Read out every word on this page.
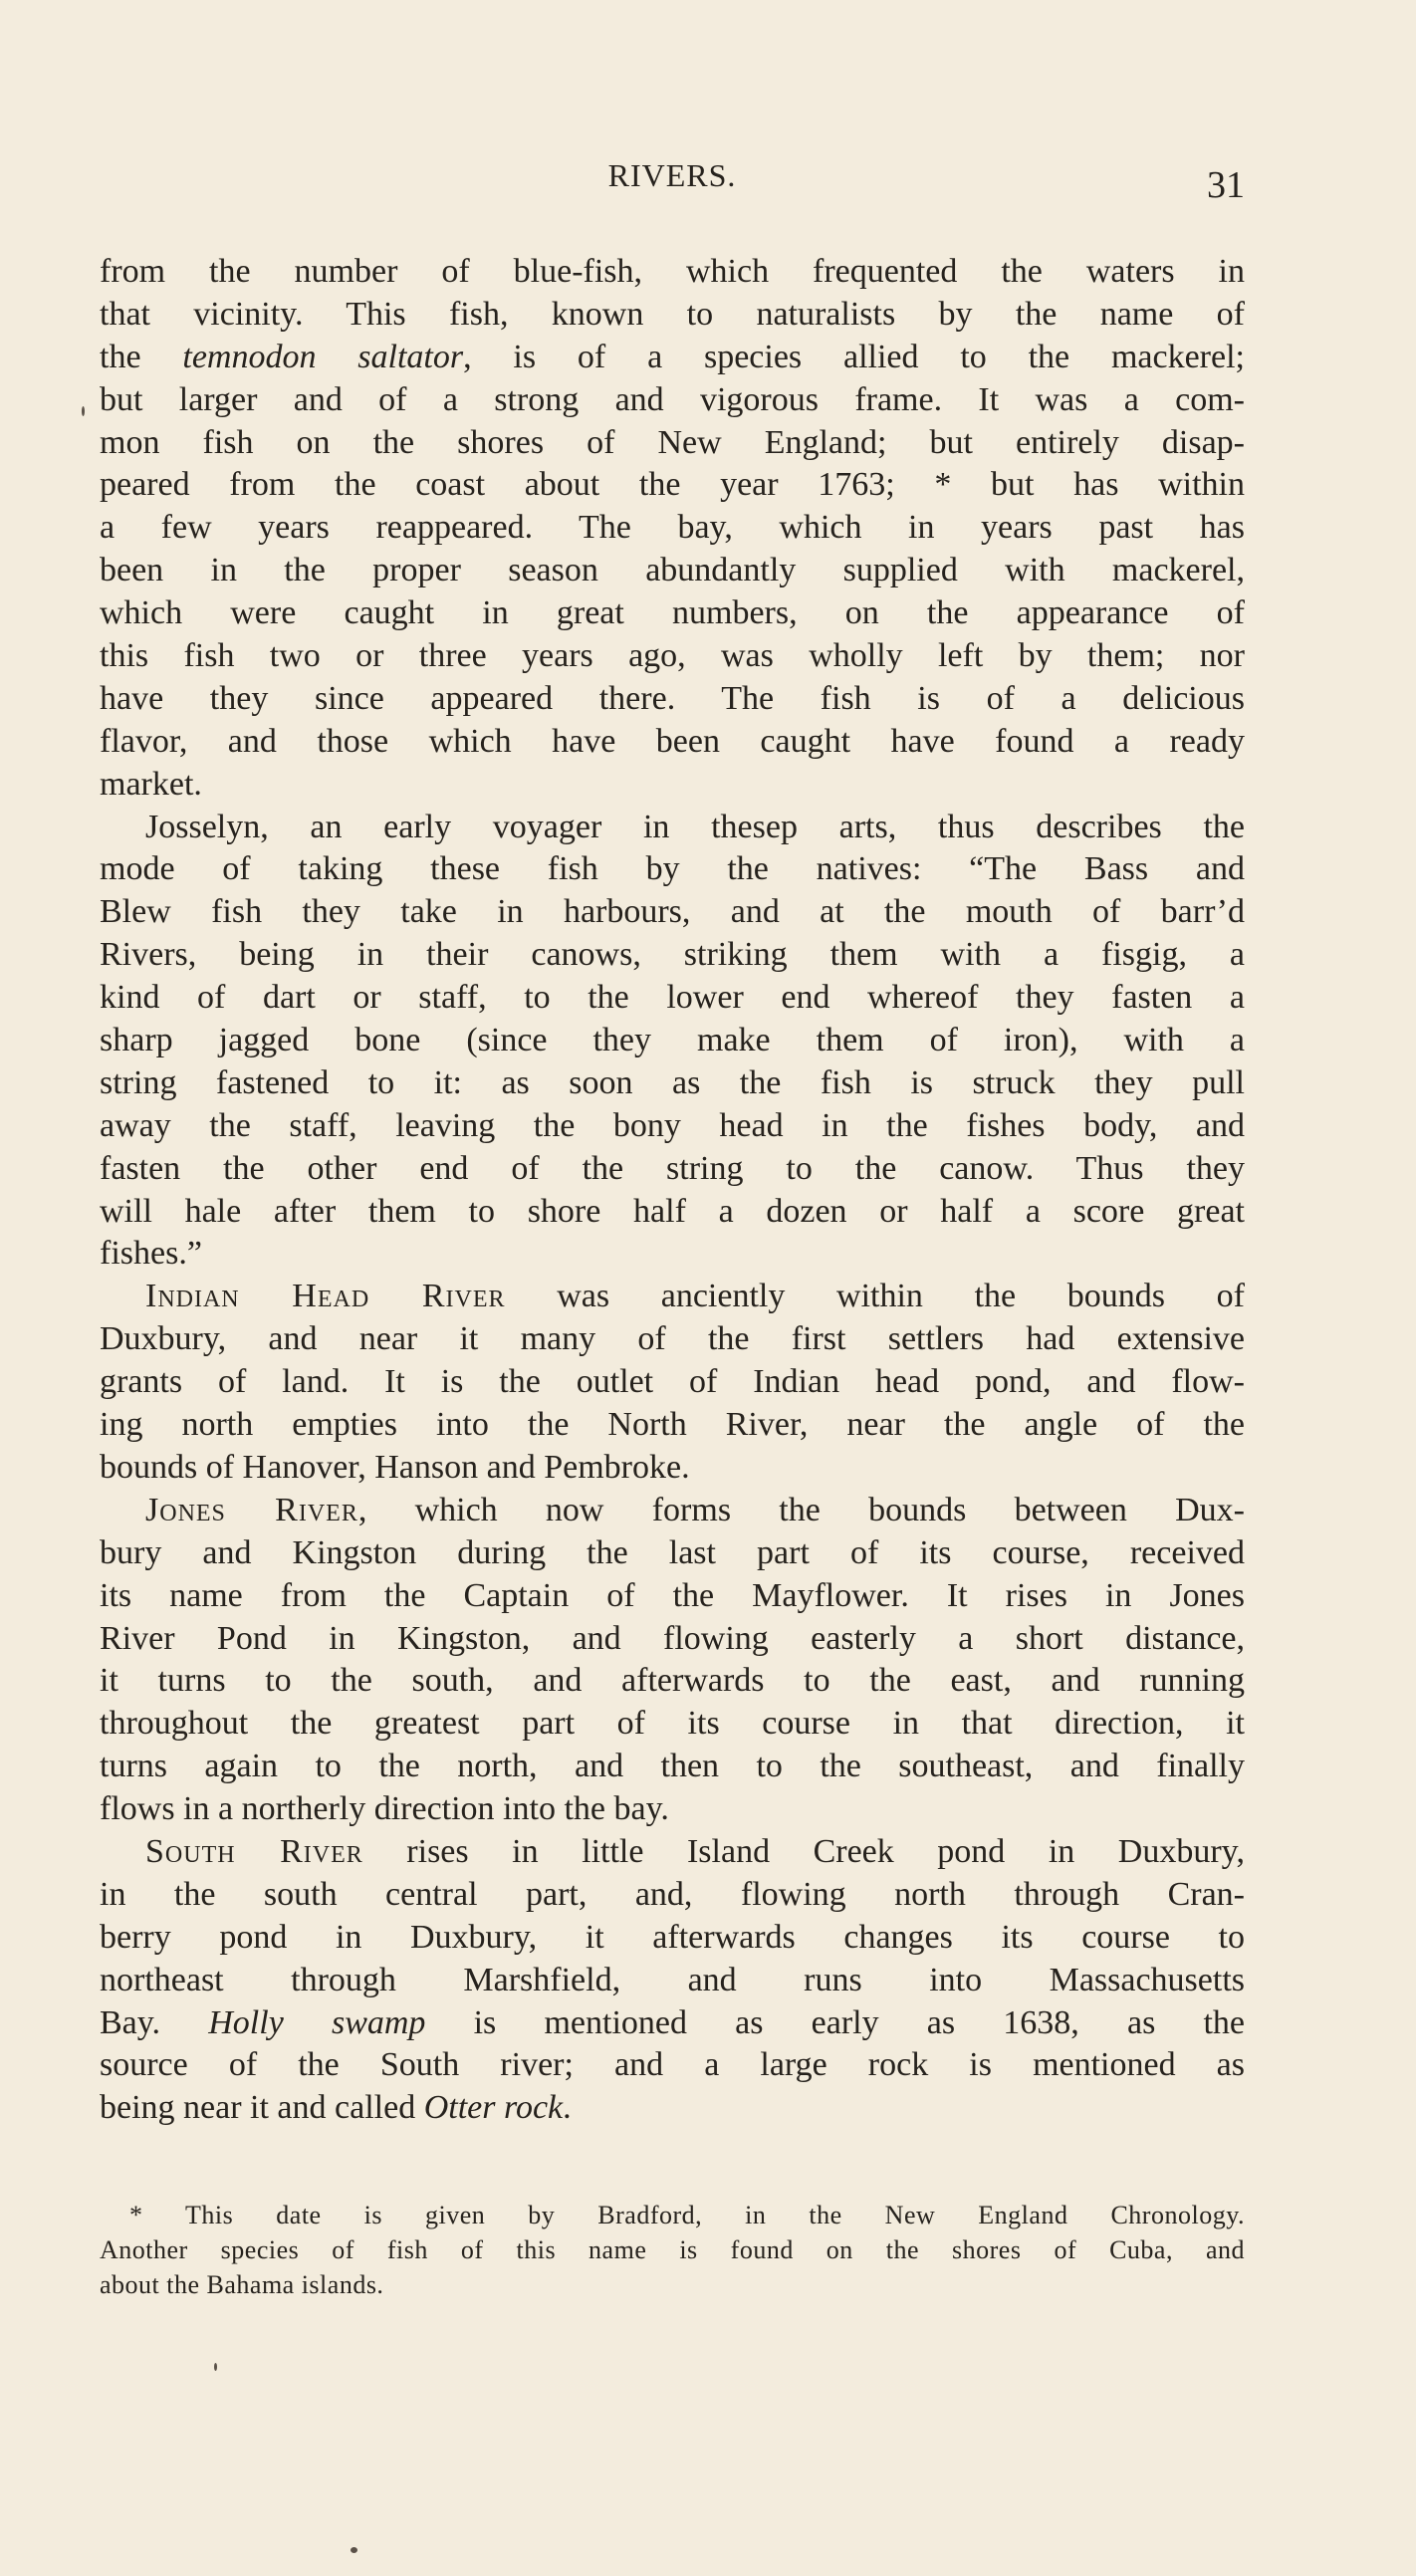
RIVERS.	31
from the number of blue-fish, which frequented the waters in
that vicinity. This fish, known to naturalists by the name of
the temnodon saltator, is of a species allied to the mackerel;
but larger and of a strong and vigorous frame. It was a com-
mon fish on the shores of New England; but entirely disap-
peared from the coast about the year 1763; * but has within
a few years reappeared. The bay, which in years past has
been in the proper season abundantly supplied with mackerel,
which were caught in great numbers, on the appearance of
this fish two or three years ago, was wholly left by them; nor
have they since appeared there. The fish is of a delicious
flavor, and those which have been caught have found a ready
market.
Josselyn, an early voyager in thesep arts, thus describes the
mode of taking these fish by the natives: “The Bass and
Blew fish they take in harbours, and at the mouth of barr’d
Rivers, being in their canows, striking them with a fisgig, a
kind of dart or staff, to the lower end whereof they fasten a
sharp jagged bone (since they make them of iron), with a
string fastened to it: as soon as the fish is struck they pull
away the staff, leaving the bony head in the fishes body, and
fasten the other end of the string to the canow. Thus they
will hale after them to shore half a dozen or half a score great
fishes.”
Indian Head River was anciently within the bounds of
Duxbury, and near it many of the first settlers had extensive
grants of land. It is the outlet of Indian head pond, and flow-
ing north empties into the North River, near the angle of the
bounds of Hanover, Hanson and Pembroke.
Jones River, which now forms the bounds between Dux-
bury and Kingston during the last part of its course, received
its name from the Captain of the Mayflower. It rises in Jones
River Pond in Kingston, and flowing easterly a short distance,
it turns to the south, and afterwards to the east, and running
throughout the greatest part of its course in that direction, it
turns again to the north, and then to the southeast, and finally
flows in a northerly direction into the bay.
South River rises in little Island Creek pond in Duxbury,
in the south central part, and, flowing north through Cran-
berry pond in Duxbury, it afterwards changes its course to
northeast through Marshfield, and runs into Massachusetts
Bay. Holly swamp is mentioned as early as 1638, as the
source of the South river; and a large rock is mentioned as
being near it and called Otter rock.
* This date is given by Bradford, in the New England Chronology.
Another species of fish of this name is found on the shores of Cuba, and
about the Bahama islands.
